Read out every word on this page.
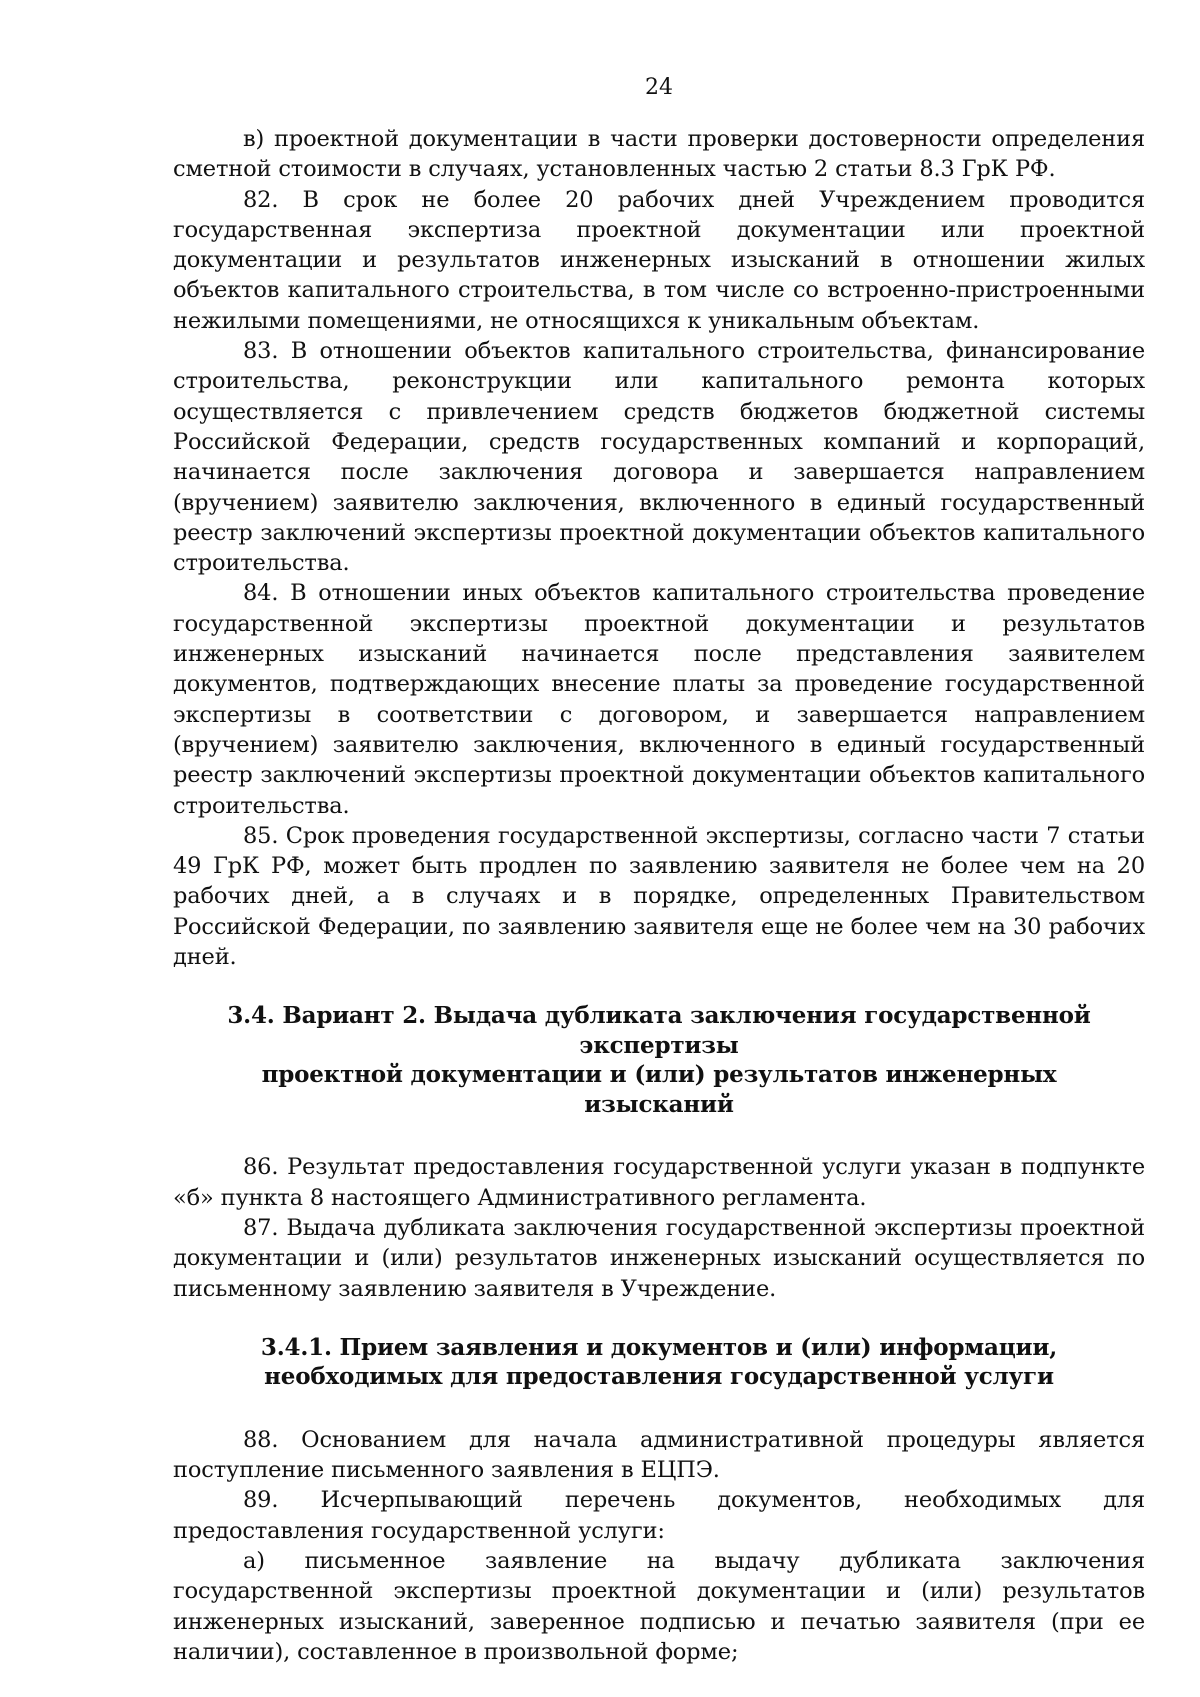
24

в) проектной документации в части проверки достоверности определения сметной стоимости в случаях, установленных частью 2 статьи 8.3 ГрК РФ.

82. В срок не более 20 рабочих дней Учреждением проводится государственная экспертиза проектной документации или проектной документации и результатов инженерных изысканий в отношении жилых объектов капитального строительства, в том числе со встроенно-пристроенными нежилыми помещениями, не относящихся к уникальным объектам.

83. В отношении объектов капитального строительства, финансирование строительства, реконструкции или капитального ремонта которых осуществляется с привлечением средств бюджетов бюджетной системы Российской Федерации, средств государственных компаний и корпораций, начинается после заключения договора и завершается направлением (вручением) заявителю заключения, включенного в единый государственный реестр заключений экспертизы проектной документации объектов капитального строительства.

84. В отношении иных объектов капитального строительства проведение государственной экспертизы проектной документации и результатов инженерных изысканий начинается после представления заявителем документов, подтверждающих внесение платы за проведение государственной экспертизы в соответствии с договором, и завершается направлением (вручением) заявителю заключения, включенного в единый государственный реестр заключений экспертизы проектной документации объектов капитального строительства.

85. Срок проведения государственной экспертизы, согласно части 7 статьи 49 ГрК РФ, может быть продлен по заявлению заявителя не более чем на 20 рабочих дней, а в случаях и в порядке, определенных Правительством Российской Федерации, по заявлению заявителя еще не более чем на 30 рабочих дней.

3.4. Вариант 2. Выдача дубликата заключения государственной экспертизы
проектной документации и (или) результатов инженерных
изысканий

86. Результат предоставления государственной услуги указан в подпункте «б» пункта 8 настоящего Административного регламента.

87. Выдача дубликата заключения государственной экспертизы проектной документации и (или) результатов инженерных изысканий осуществляется по письменному заявлению заявителя в Учреждение.

3.4.1. Прием заявления и документов и (или) информации,
необходимых для предоставления государственной услуги

88. Основанием для начала административной процедуры является поступление письменного заявления в ЕЦПЭ.

89. Исчерпывающий перечень документов, необходимых для предоставления государственной услуги:

а) письменное заявление на выдачу дубликата заключения государственной экспертизы проектной документации и (или) результатов инженерных изысканий, заверенное подписью и печатью заявителя (при ее наличии), составленное в произвольной форме;
